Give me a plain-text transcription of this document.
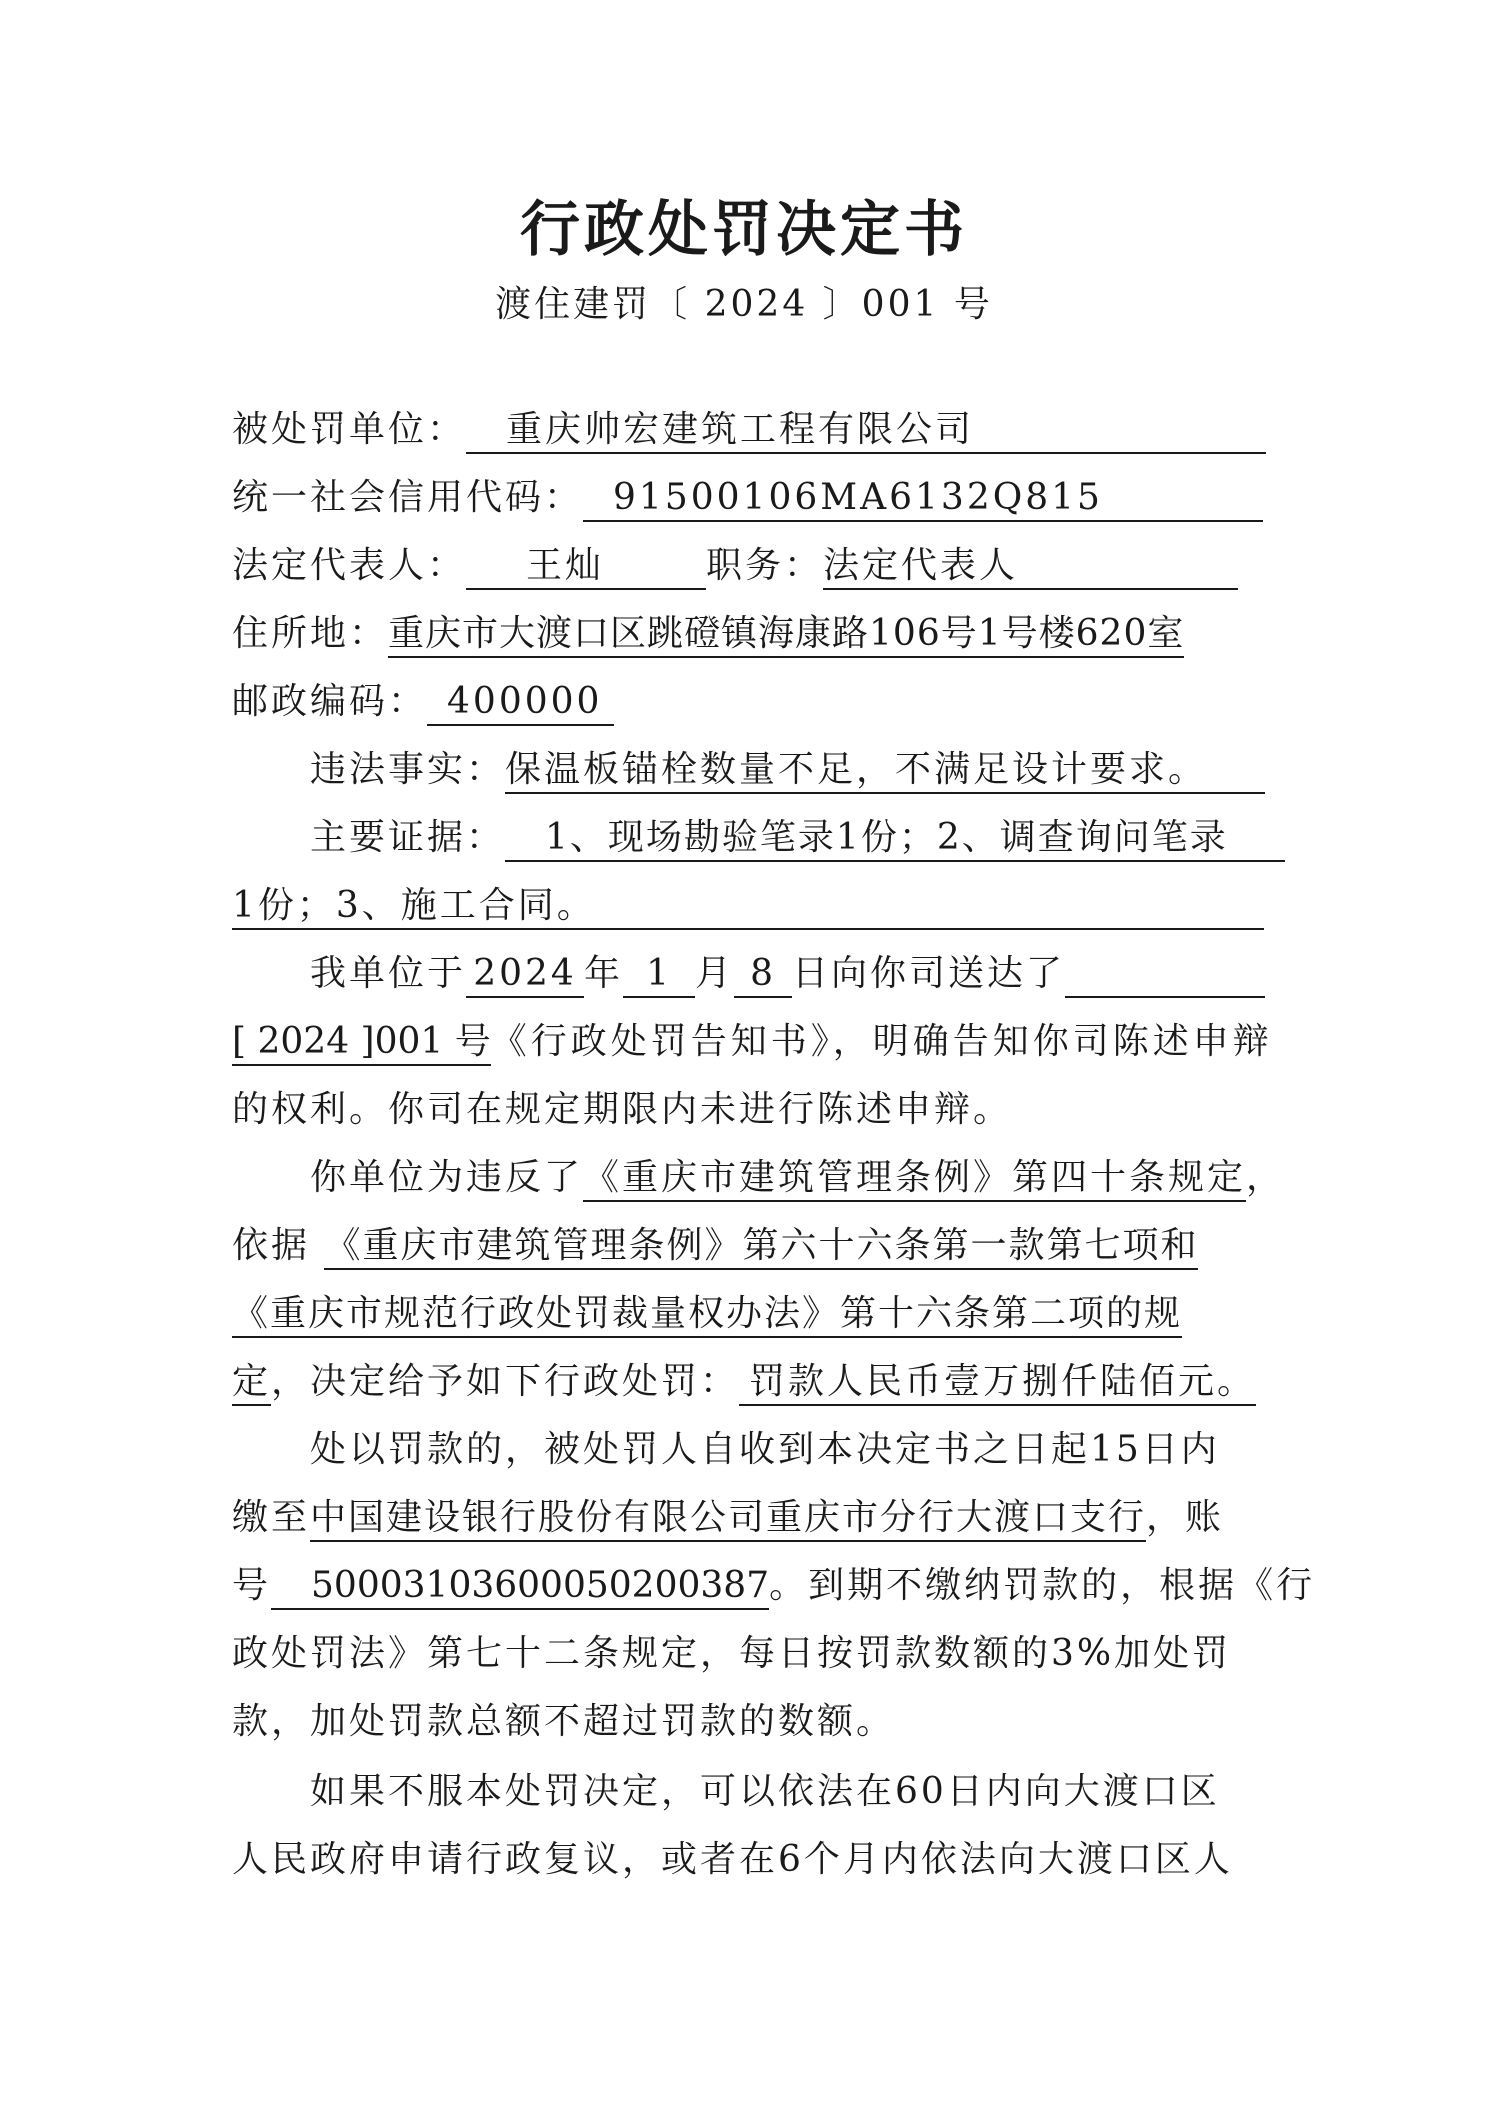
行政处罚决定书
渡住建罚〔 2024 〕001 号
被处罚单位： 重庆帅宏建筑工程有限公司
统一社会信用代码： 91500106MA6132Q815
法定代表人： 王灿	职务：法定代表人
住所地：重庆市大渡口区跳磴镇海康路106号1号楼620室
邮政编码： 400000
违法事实：保温板锚栓数量不足，不满足设计要求。
主要证据： 1、现场勘验笔录1份；2、调查询问笔录
1份；3、施工合同。
我单位于 2024 年 1 月 8 日向你司送达了
[ 2024 ]001 号《行政处罚告知书》，明确告知你司陈述申辩
的权利。你司在规定期限内未进行陈述申辩。
你单位为违反了《重庆市建筑管理条例》第四十条规定，
依据 《重庆市建筑管理条例》第六十六条第一款第七项和
《重庆市规范行政处罚裁量权办法》第十六条第二项的规
定，决定给予如下行政处罚： 罚款人民币壹万捌仟陆佰元。
处以罚款的，被处罚人自收到本决定书之日起15日内
缴至中国建设银行股份有限公司重庆市分行大渡口支行，账
号 50003103600050200387。到期不缴纳罚款的，根据《行
政处罚法》第七十二条规定，每日按罚款数额的3%加处罚
款，加处罚款总额不超过罚款的数额。
如果不服本处罚决定，可以依法在60日内向大渡口区
人民政府申请行政复议，或者在6个月内依法向大渡口区人
